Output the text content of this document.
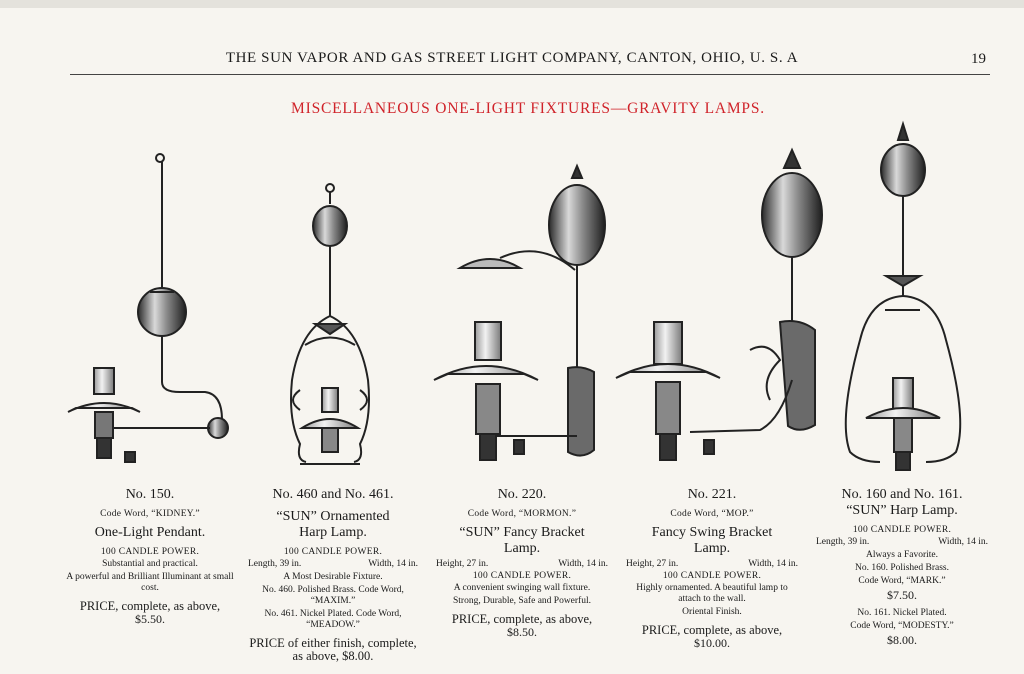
THE SUN VAPOR AND GAS STREET LIGHT COMPANY, CANTON, OHIO, U. S. A	19
MISCELLANEOUS ONE-LIGHT FIXTURES—GRAVITY LAMPS.

No. 150.

Code Word, “KIDNEY.”

One-Light Pendant.

100 CANDLE POWER.

Substantial and practical.

A powerful and Brilliant Illuminant at small cost.

PRICE, complete, as above,

$5.50.

No. 460 and No. 461.

“SUN” Ornamented

Harp Lamp.

100 CANDLE POWER.

Length, 39 in.	Width, 14 in.

A Most Desirable Fixture.

No. 460. Polished Brass. Code Word, “MAXIM.”

No. 461. Nickel Plated. Code Word, “MEADOW.”

PRICE of either finish, complete, as above, $8.00.

No. 220.

Code Word, “MORMON.”

“SUN” Fancy Bracket

Lamp.

Height, 27 in.	Width, 14 in.

100 CANDLE POWER.

A convenient swinging wall fixture.

Strong, Durable, Safe and Powerful.

PRICE, complete, as above,

$8.50.

No. 221.

Code Word, “MOP.”

Fancy Swing Bracket

Lamp.

Height, 27 in.	Width, 14 in.

100 CANDLE POWER.

Highly ornamented. A beautiful lamp to attach to the wall.

Oriental Finish.

PRICE, complete, as above,

$10.00.

No. 160 and No. 161.

“SUN” Harp Lamp.

100 CANDLE POWER.

Length, 39 in.	Width, 14 in.

Always a Favorite.

No. 160. Polished Brass.

Code Word, “MARK.”

$7.50.

No. 161. Nickel Plated.

Code Word, “MODESTY.”

$8.00.
